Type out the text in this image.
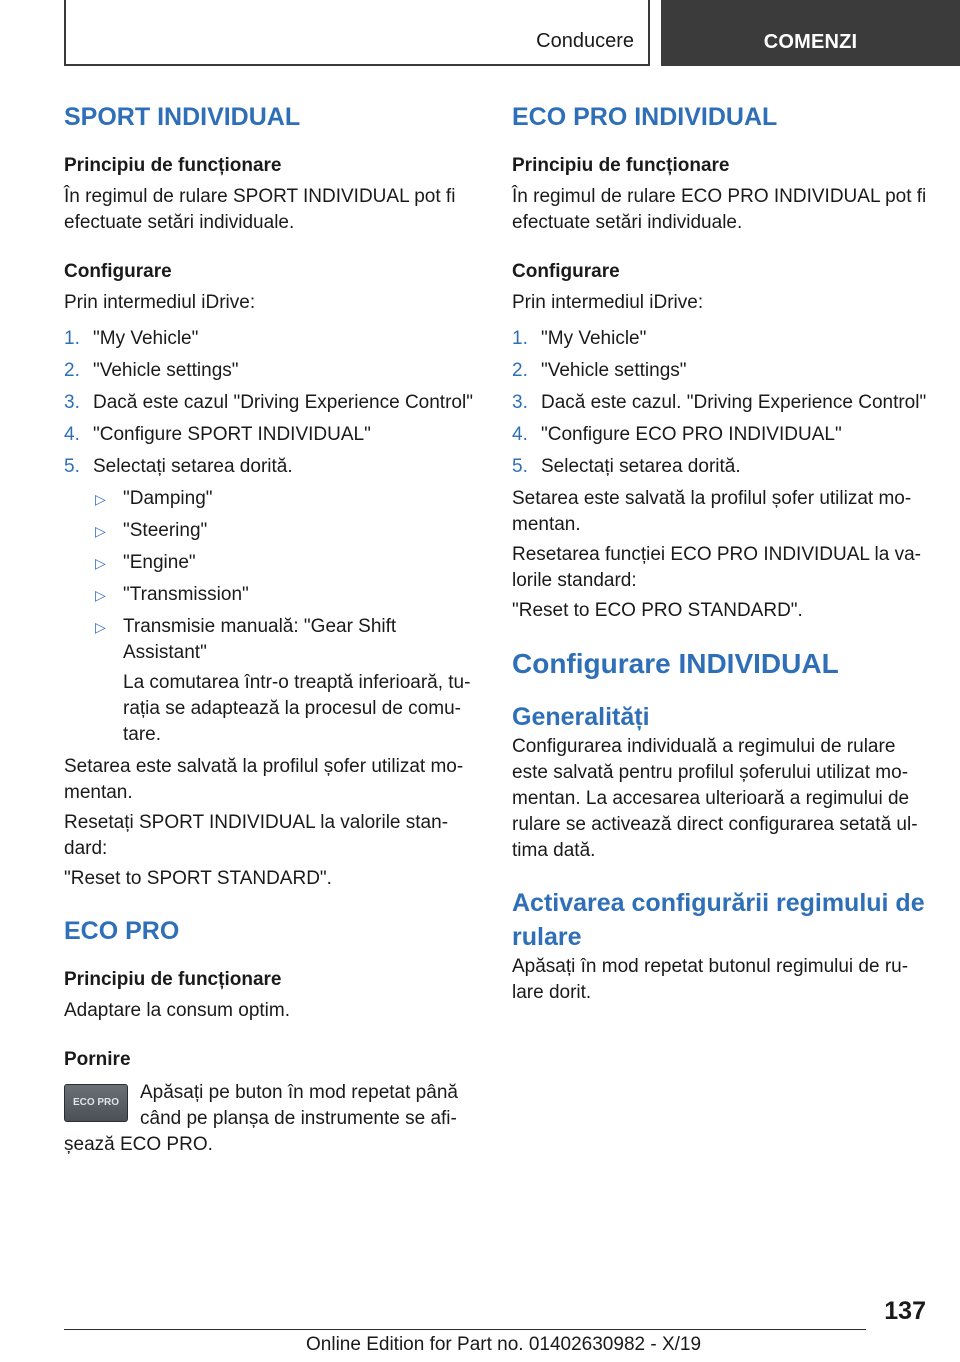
Conducere	COMENZI
SPORT INDIVIDUAL
Principiu de funcționare
În regimul de rulare SPORT INDIVIDUAL pot fi efectuate setări individuale.
Configurare
Prin intermediul iDrive:
1. "My Vehicle"
2. "Vehicle settings"
3. Dacă este cazul "Driving Experience Control"
4. "Configure SPORT INDIVIDUAL"
5. Selectați setarea dorită.
▷ "Damping"
▷ "Steering"
▷ "Engine"
▷ "Transmission"
▷ Transmisie manuală: "Gear Shift Assistant"
La comutarea într-o treaptă inferioară, turația se adaptează la procesul de comutare.
Setarea este salvată la profilul șofer utilizat momentan.
Resetați SPORT INDIVIDUAL la valorile standard:
"Reset to SPORT STANDARD".
ECO PRO
Principiu de funcționare
Adaptare la consum optim.
Pornire
ECO PRO	Apăsați pe buton în mod repetat până când pe planșa de instrumente se afișează ECO PRO.
ECO PRO INDIVIDUAL
Principiu de funcționare
În regimul de rulare ECO PRO INDIVIDUAL pot fi efectuate setări individuale.
Configurare
Prin intermediul iDrive:
1. "My Vehicle"
2. "Vehicle settings"
3. Dacă este cazul. "Driving Experience Control"
4. "Configure ECO PRO INDIVIDUAL"
5. Selectați setarea dorită.
Setarea este salvată la profilul șofer utilizat momentan.
Resetarea funcției ECO PRO INDIVIDUAL la valorile standard:
"Reset to ECO PRO STANDARD".
Configurare INDIVIDUAL
Generalități
Configurarea individuală a regimului de rulare este salvată pentru profilul șoferului utilizat momentan. La accesarea ulterioară a regimului de rulare se activează direct configurarea setată ultima dată.
Activarea configurării regimului de rulare
Apăsați în mod repetat butonul regimului de rulare dorit.
137
Online Edition for Part no. 01402630982 - X/19
